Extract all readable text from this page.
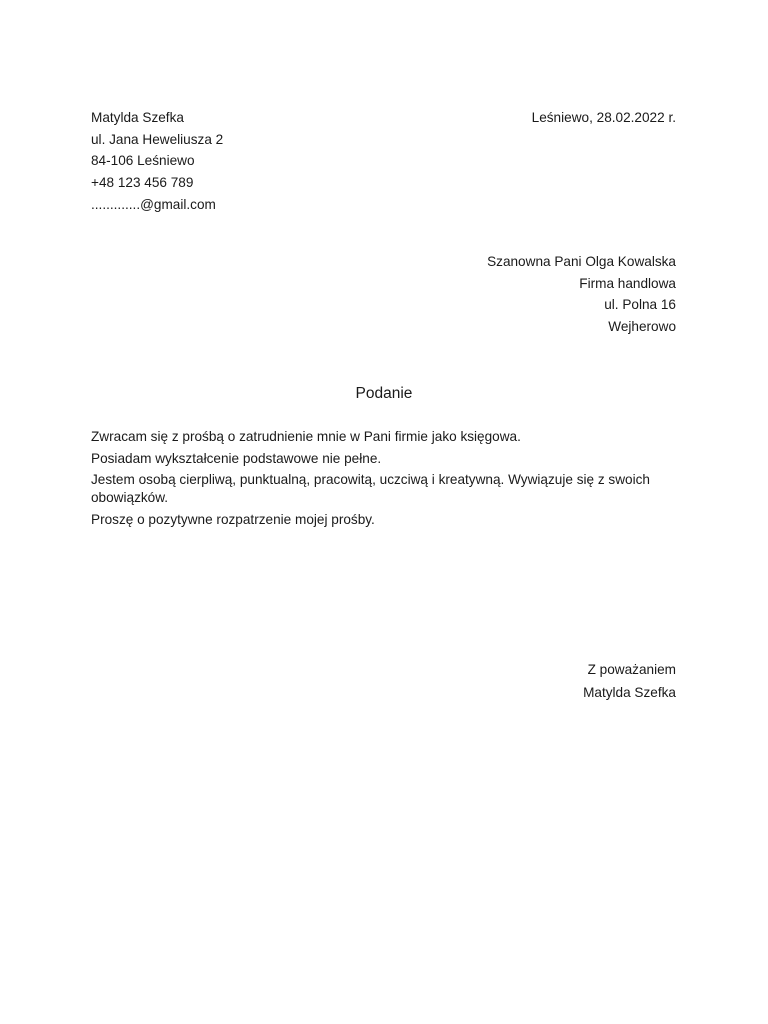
Matylda Szefka
ul. Jana Heweliusza 2
84-106 Leśniewo
+48 123 456 789
.............@gmail.com
Leśniewo, 28.02.2022 r.
Szanowna Pani Olga Kowalska
Firma handlowa
ul. Polna 16
Wejherowo
Podanie
Zwracam się z prośbą o zatrudnienie mnie w Pani firmie jako księgowa.
Posiadam wykształcenie podstawowe nie pełne.
Jestem osobą cierpliwą, punktualną, pracowitą, uczciwą i kreatywną. Wywiązuje się z swoich obowiązków.
Proszę o pozytywne rozpatrzenie mojej prośby.
Z poważaniem
Matylda Szefka
